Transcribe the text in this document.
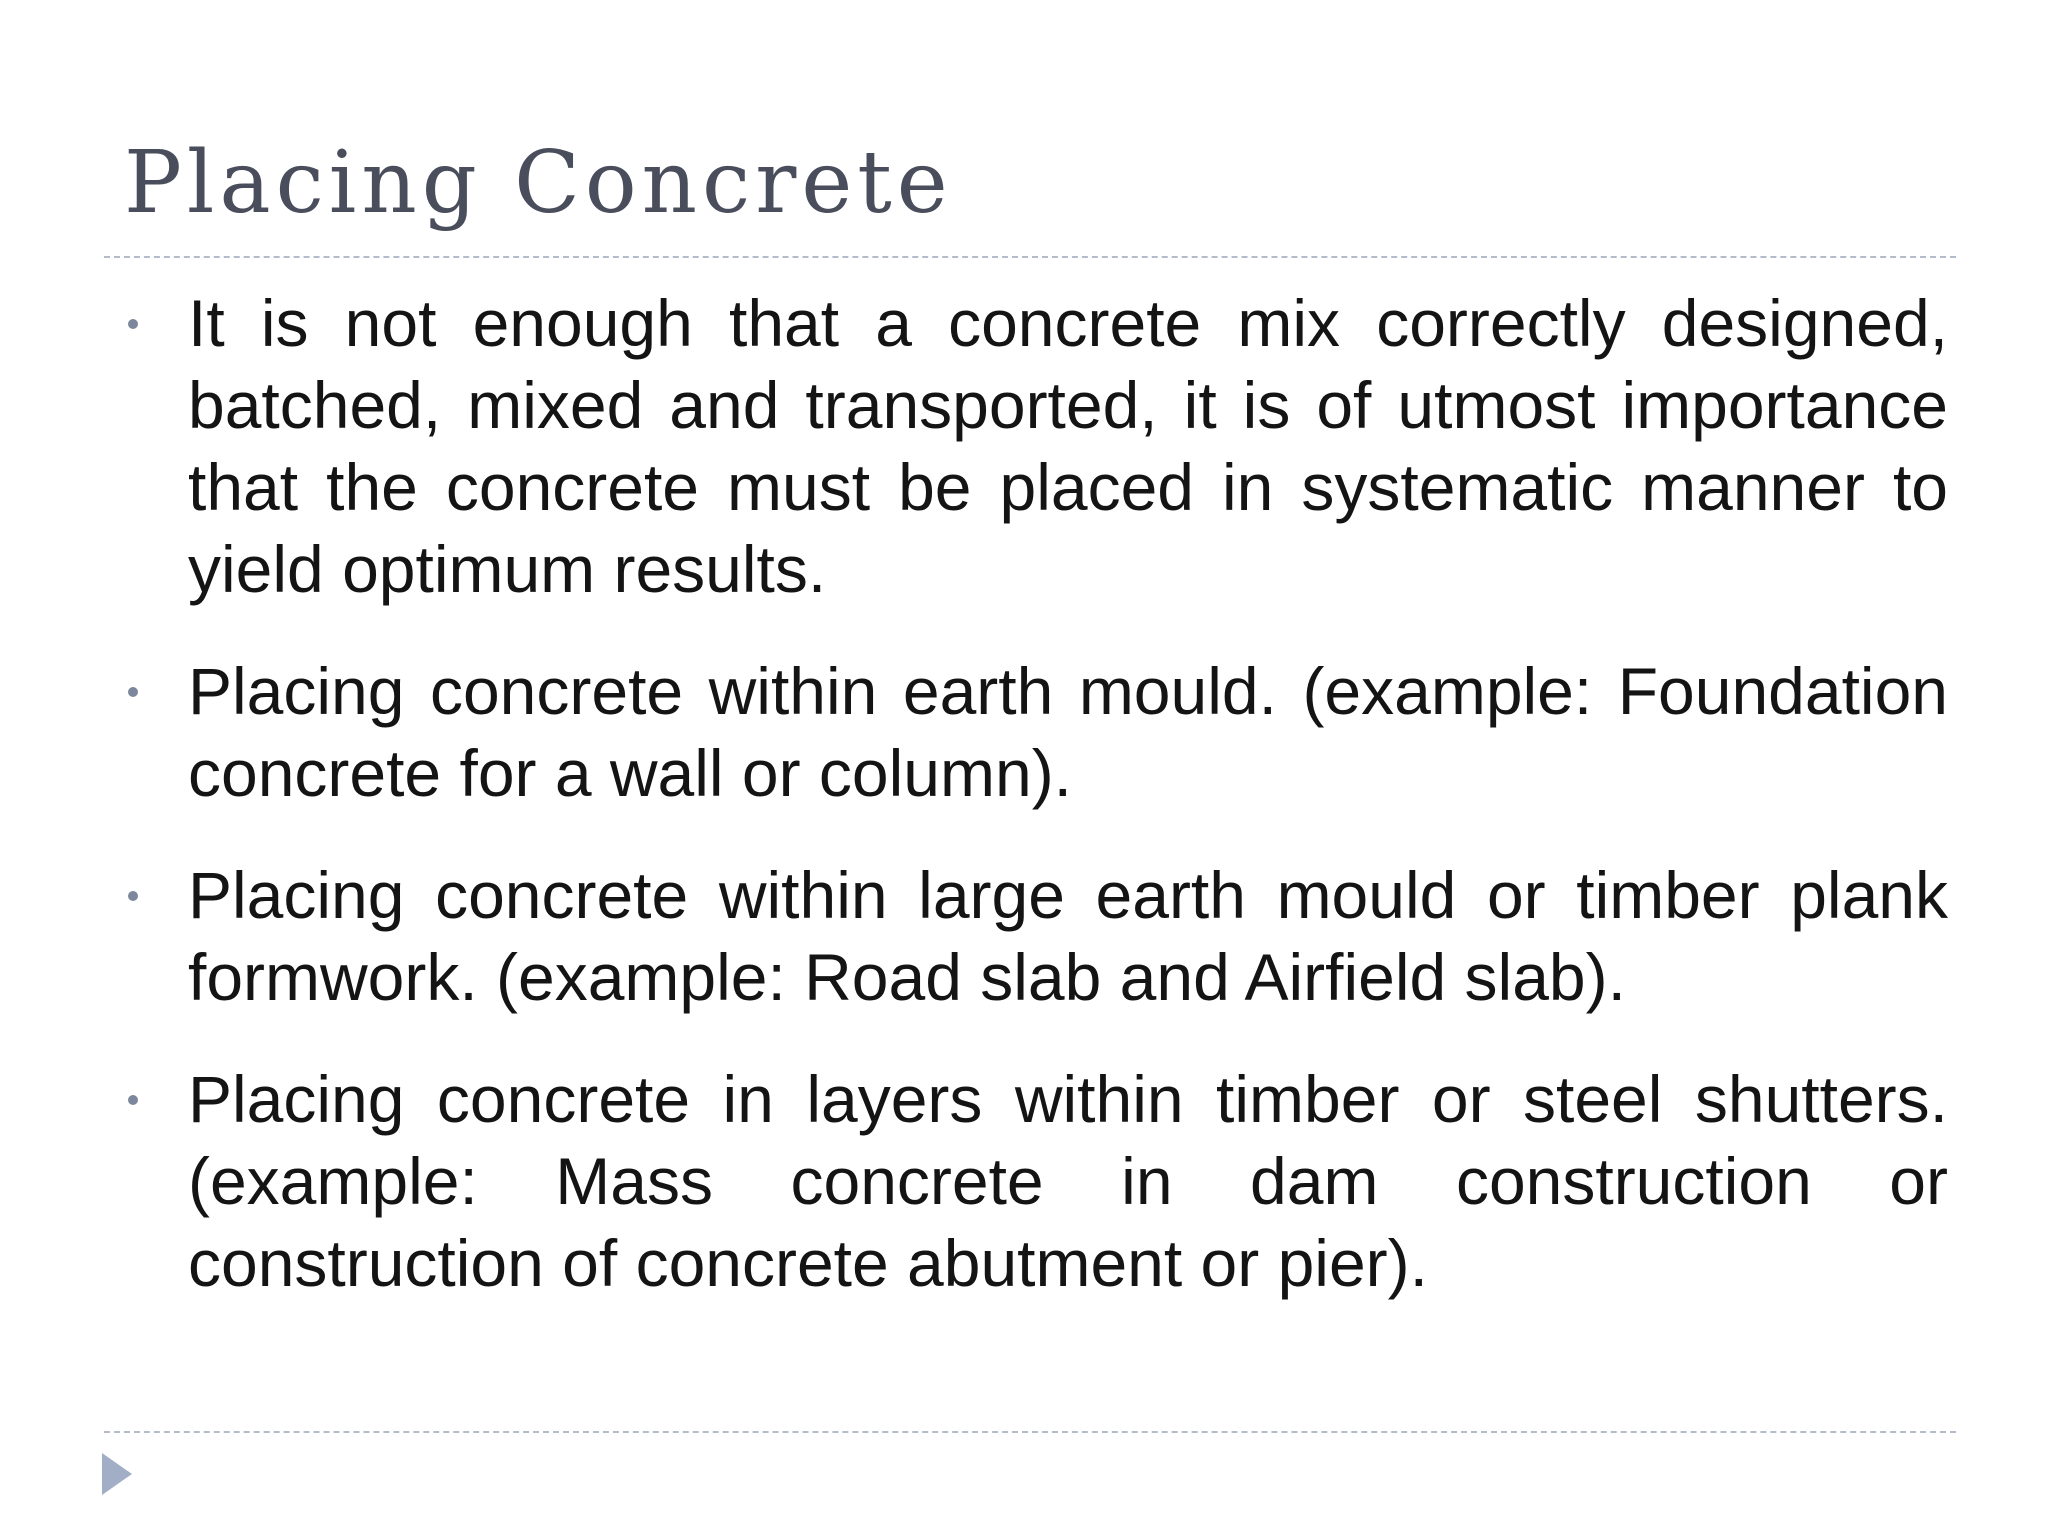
Placing Concrete
It is not enough that a concrete mix correctly designed, batched, mixed and transported, it is of utmost importance that the concrete must be placed in systematic manner to yield optimum results.
Placing concrete within earth mould. (example: Foundation concrete for a wall or column).
Placing concrete within large earth mould or timber plank formwork. (example: Road slab and Airfield slab).
Placing concrete in layers within timber or steel shutters. (example: Mass concrete in dam construction or construction of concrete abutment or pier).
